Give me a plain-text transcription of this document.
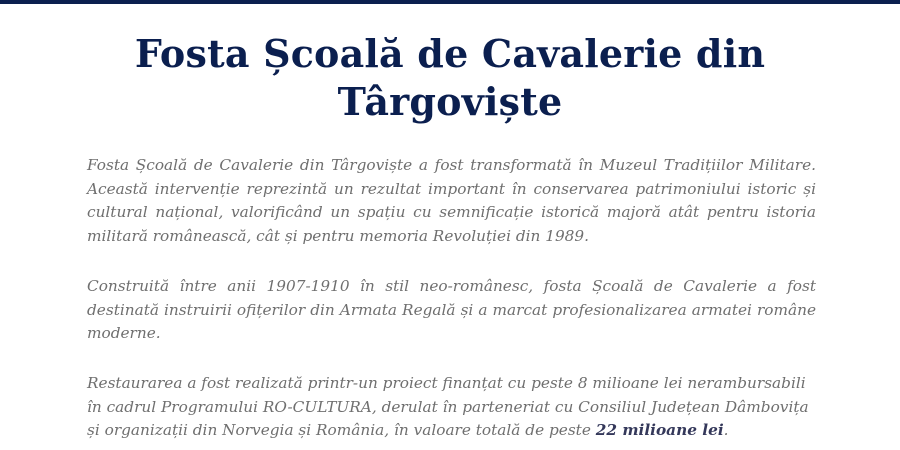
Fosta Școală de Cavalerie din Târgoviște

Fosta Școală de Cavalerie din Târgoviște a fost transformată în Muzeul Tradițiilor Militare. Această intervenție reprezintă un rezultat important în conservarea patrimoniului istoric și cultural național, valorificând un spațiu cu semnificație istorică majoră atât pentru istoria militară românească, cât și pentru memoria Revoluției din 1989.

Construită între anii 1907-1910 în stil neo-românesc, fosta Școală de Cavalerie a fost destinată instruirii ofițerilor din Armata Regală și a marcat profesionalizarea armatei române moderne.

Restaurarea a fost realizată printr-un proiect finanțat cu peste 8 milioane lei nerambursabili în cadrul Programului RO-CULTURA, derulat în parteneriat cu Consiliul Județean Dâmbovița și organizații din Norvegia și România, în valoare totală de peste 22 milioane lei.
